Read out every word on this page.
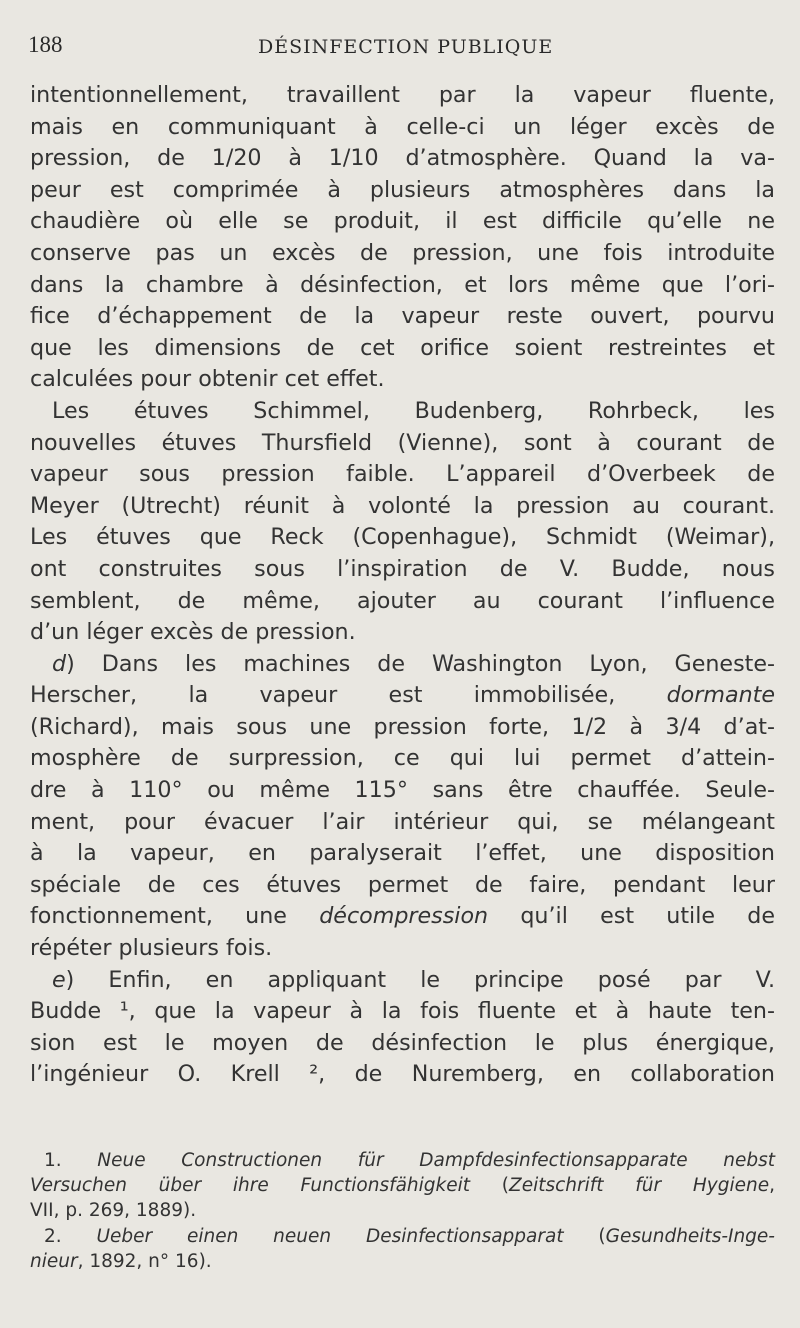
188	DÉSINFECTION PUBLIQUE
intentionnellement, travaillent par la vapeur fluente,
mais en communiquant à celle-ci un léger excès de
pression, de 1/20 à 1/10 d’atmosphère. Quand la va-
peur est comprimée à plusieurs atmosphères dans la
chaudière où elle se produit, il est difficile qu’elle ne
conserve pas un excès de pression, une fois introduite
dans la chambre à désinfection, et lors même que l’ori-
fice d’échappement de la vapeur reste ouvert, pourvu
que les dimensions de cet orifice soient restreintes et
calculées pour obtenir cet effet.
Les étuves Schimmel, Budenberg, Rohrbeck, les
nouvelles étuves Thursfield (Vienne), sont à courant de
vapeur sous pression faible. L’appareil d’Overbeek de
Meyer (Utrecht) réunit à volonté la pression au courant.
Les étuves que Reck (Copenhague), Schmidt (Weimar),
ont construites sous l’inspiration de V. Budde, nous
semblent, de même, ajouter au courant l’influence
d’un léger excès de pression.
d) Dans les machines de Washington Lyon, Geneste-
Herscher, la vapeur est immobilisée, dormante
(Richard), mais sous une pression forte, 1/2 à 3/4 d’at-
mosphère de surpression, ce qui lui permet d’attein-
dre à 110° ou même 115° sans être chauffée. Seule-
ment, pour évacuer l’air intérieur qui, se mélangeant
à la vapeur, en paralyserait l’effet, une disposition
spéciale de ces étuves permet de faire, pendant leur
fonctionnement, une décompression qu’il est utile de
répéter plusieurs fois.
e) Enfin, en appliquant le principe posé par V.
Budde ¹, que la vapeur à la fois fluente et à haute ten-
sion est le moyen de désinfection le plus énergique,
l’ingénieur O. Krell ², de Nuremberg, en collaboration
1. Neue Constructionen für Dampfdesinfectionsapparate nebst
Versuchen über ihre Functionsfähigkeit (Zeitschrift für Hygiene,
VII, p. 269, 1889).
2. Ueber einen neuen Desinfectionsapparat (Gesundheits-Inge-
nieur, 1892, n° 16).
